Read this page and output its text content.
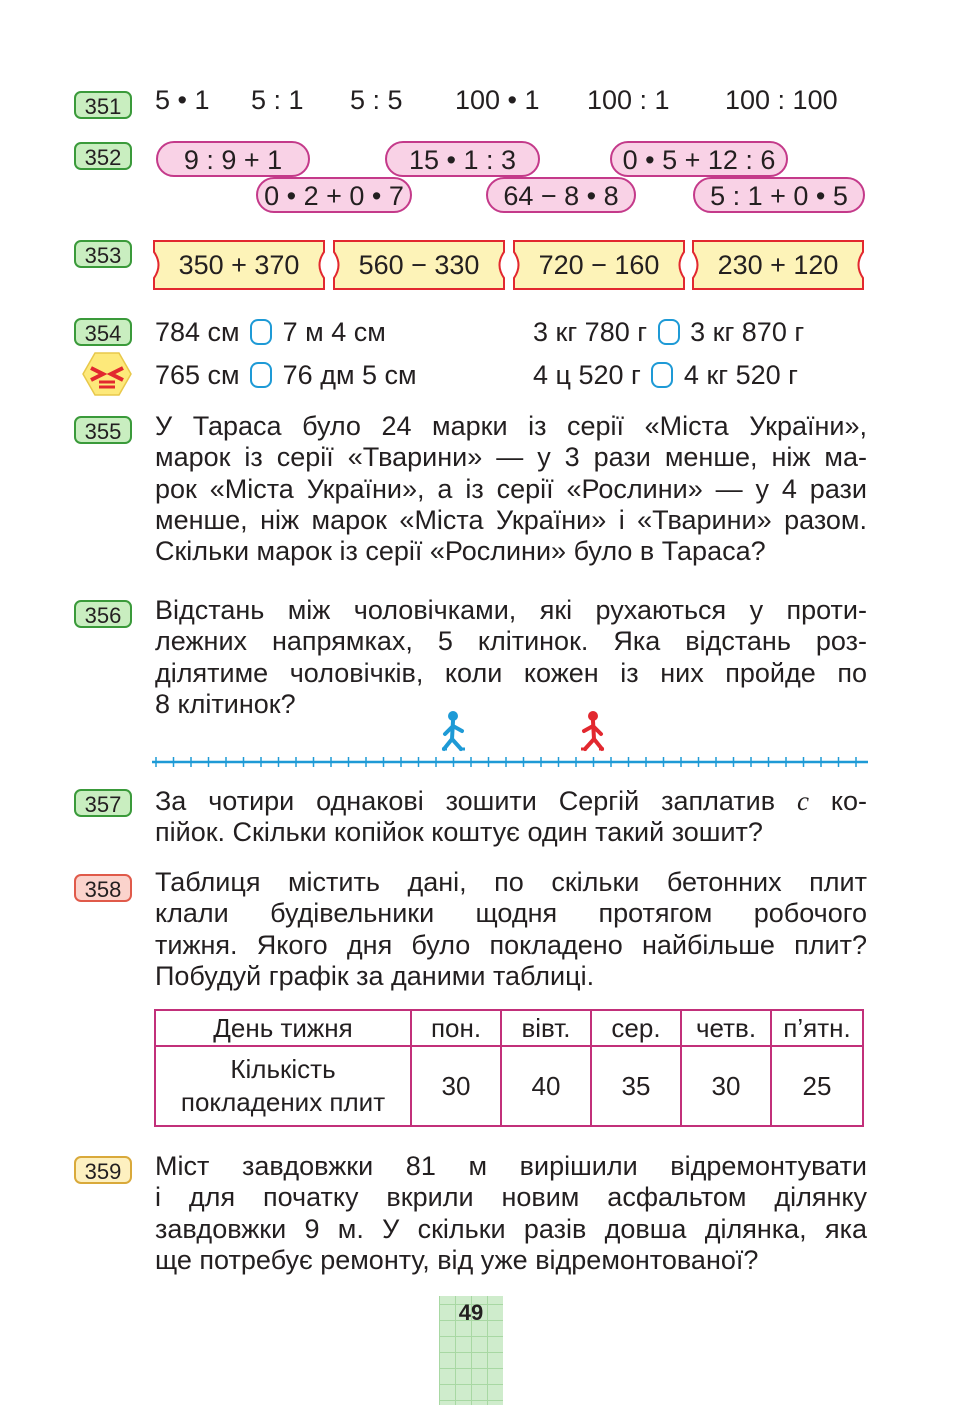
351	5 • 1 5 : 1 5 : 5 100 • 1 100 : 1 100 : 100
352	9 : 9 + 1	15 • 1 : 3	0 • 5 + 12 : 6
0 • 2 + 0 • 7	64 − 8 • 8	5 : 1 + 0 • 5
353	350 + 370	560 − 330	720 − 160	230 + 120
354	784 см 7 м 4 см	3 кг 780 г 3 кг 870 г
765 см 76 дм 5 см	4 ц 520 г 4 кг 520 г
355	У Тараса було 24 марки із серії «Міста України»,
марок із серії «Тварини» — у 3 рази менше, ніж ма-
рок «Міста України», а із серії «Рослини» — у 4 рази
менше, ніж марок «Міста України» і «Тварини» разом.
Скільки марок із серії «Рослини» було в Тараса?
356	Відстань між чоловічками, які рухаються у проти-
лежних напрямках, 5 клітинок. Яка відстань роз-
ділятиме чоловічків, коли кожен із них пройде по
8 клітинок?
357	За чотири однакові зошити Сергій заплатив c ко-
пійок. Скільки копійок коштує один такий зошит?
358	Таблиця містить дані, по скільки бетонних плит
клали будівельники щодня протягом робочого
тижня. Якого дня було покладено найбільше плит?
Побудуй графік за даними таблиці.
День тижня	пон.	вівт.	сер.	четв.	п’ятн.
Кількість
покладених плит	30	40	35	30	25
359	Міст завдовжки 81 м вирішили відремонтувати
і для початку вкрили новим асфальтом ділянку
завдовжки 9 м. У скільки разів довша ділянка, яка
ще потребує ремонту, від уже відремонтованої?
49
